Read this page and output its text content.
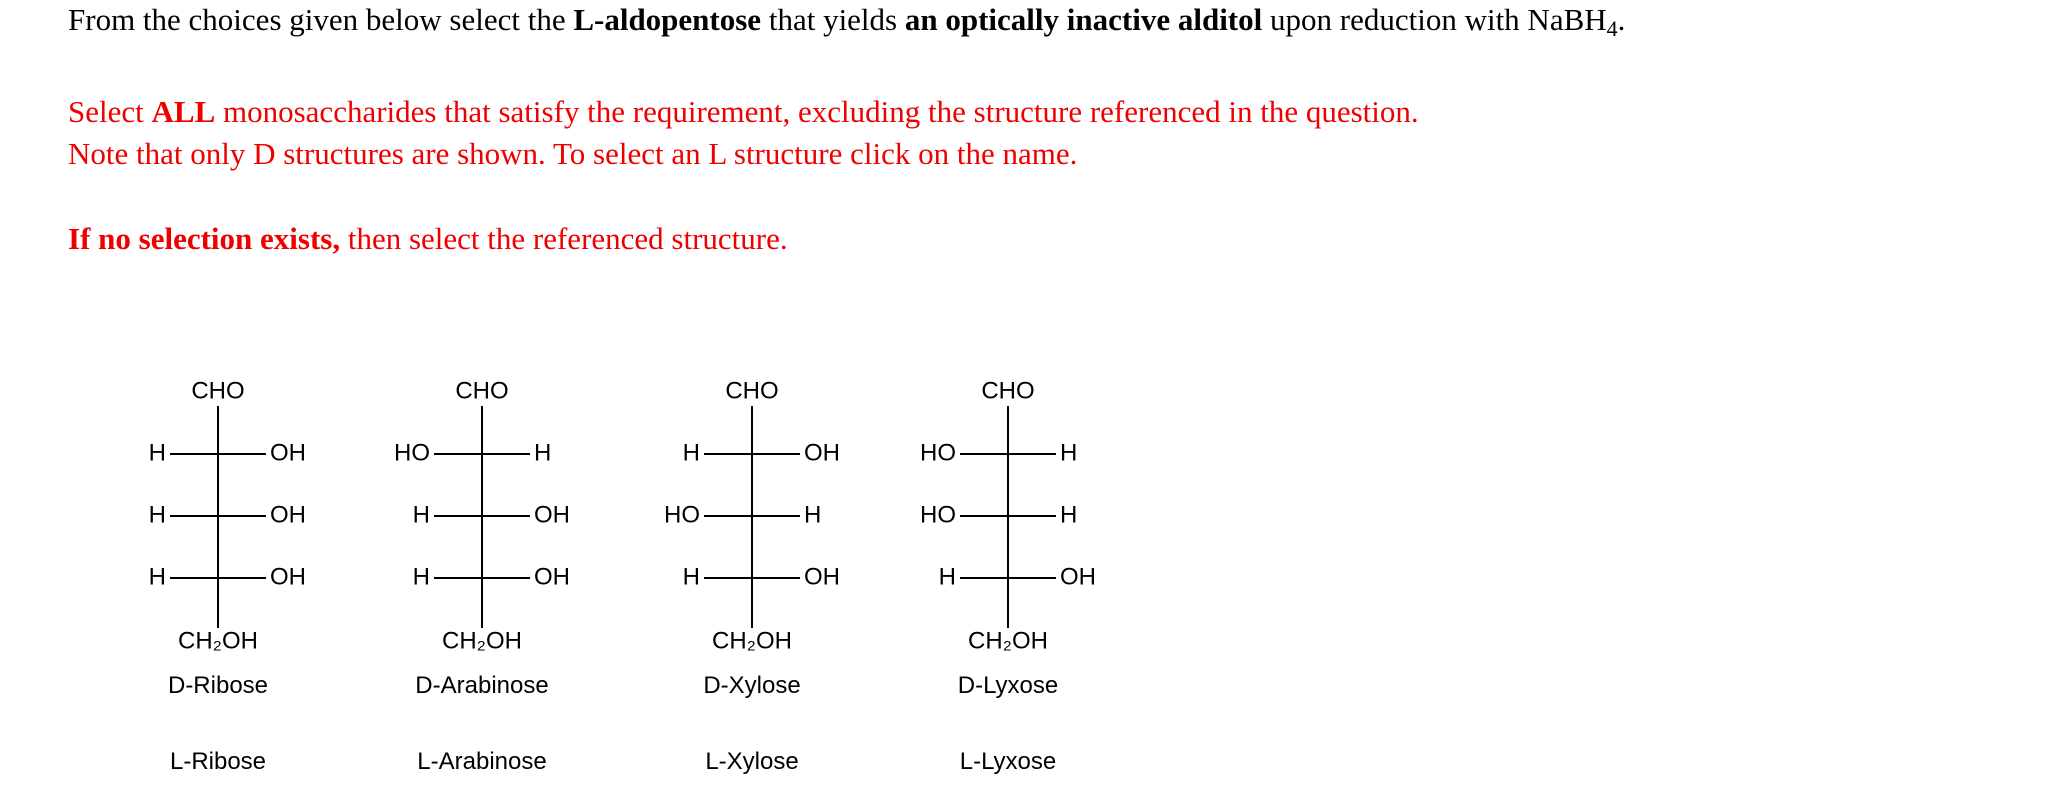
From the choices given below select the L-aldopentose that yields an optically inactive alditol upon reduction with NaBH$_4$.
Select ALL monosaccharides that satisfy the requirement, excluding the structure referenced in the question.
Note that only D structures are shown. To select an L structure click on the name.
If no selection exists, then select the referenced structure.
CHO
H	OH
H	OH
H	OH
CH₂OH
CHO
HO	H
H	OH
H	OH
CH₂OH
CHO
H	OH
HO	H
H	OH
CH₂OH
CHO
HO	H
HO	H
H	OH
CH₂OH
D-Ribose
L-Ribose
D-Arabinose
L-Arabinose
D-Xylose
L-Xylose
D-Lyxose
L-Lyxose
